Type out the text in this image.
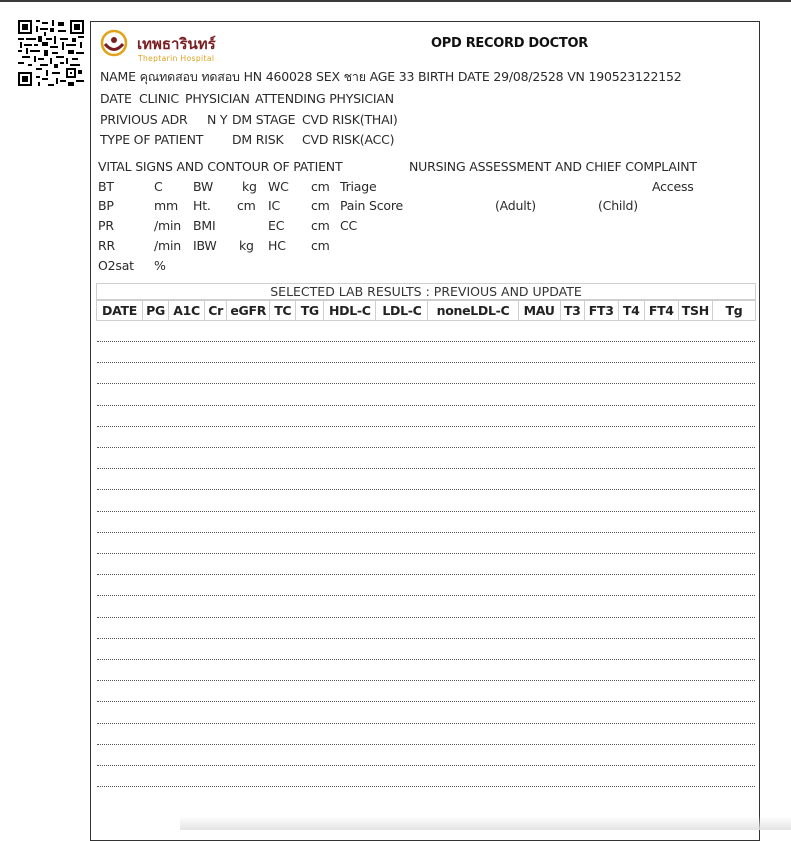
เทพธารินทร์
Theptarin Hospital
OPD RECORD DOCTOR
NAME คุณทดสอบ ทดสอบ HN 460028 SEX ชาย AGE 33 BIRTH DATE 29/08/2528 VN 190523122152
DATE CLINIC PHYSICIAN ATTENDING PHYSICIAN
PRIVIOUS ADR N Y DM STAGE CVD RISK(THAI)
TYPE OF PATIENT DM RISK CVD RISK(ACC)
VITAL SIGNS AND CONTOUR OF PATIENT	NURSING ASSESSMENT AND CHIEF COMPLAINT
BT	C BW kg WC cm Triage	Access
BP	mm Ht. cm IC cm Pain Score	(Adult)	(Child)
PR	/min BMI	EC cm CC
RR	/min IBW kg HC cm
O2sat %
SELECTED LAB RESULTS : PREVIOUS AND UPDATE
DATE	PG	A1C	Cr	eGFR	TC	TG	HDL-C	LDL-C	noneLDL-C	MAU	T3	FT3	T4	FT4	TSH	Tg
